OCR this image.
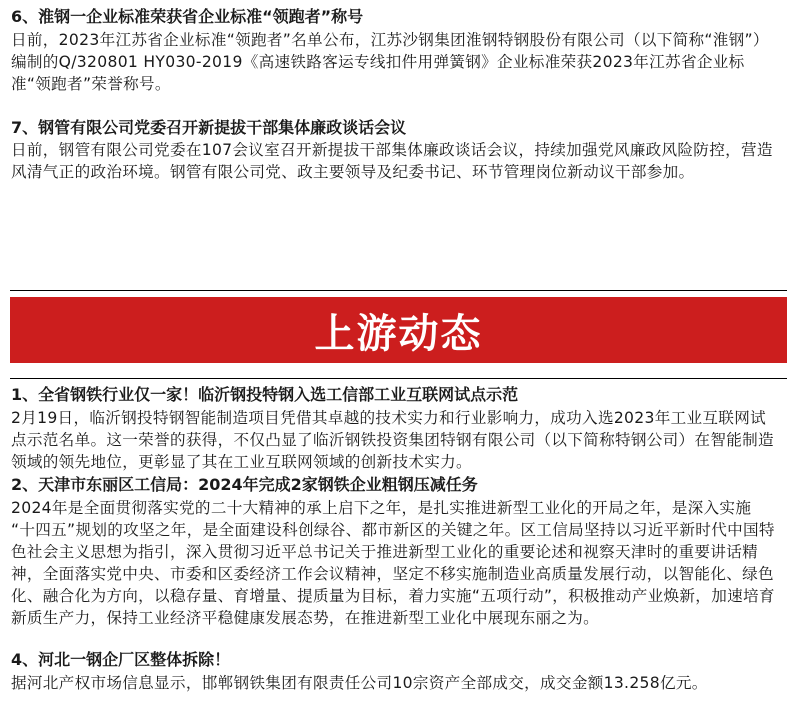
6、淮钢一企业标准荣获省企业标准“领跑者”称号

日前，2023年江苏省企业标准“领跑者”名单公布，江苏沙钢集团淮钢特钢股份有限公司（以下简称“淮钢”）编制的Q/320801 HY030-2019《高速铁路客运专线扣件用弹簧钢》企业标准荣获2023年江苏省企业标准“领跑者”荣誉称号。

7、钢管有限公司党委召开新提拔干部集体廉政谈话会议

日前，钢管有限公司党委在107会议室召开新提拔干部集体廉政谈话会议，持续加强党风廉政风险防控，营造风清气正的政治环境。钢管有限公司党、政主要领导及纪委书记、环节管理岗位新动议干部参加。

上游动态
1、全省钢铁行业仅一家！临沂钢投特钢入选工信部工业互联网试点示范

2月19日，临沂钢投特钢智能制造项目凭借其卓越的技术实力和行业影响力，成功入选2023年工业互联网试点示范名单。这一荣誉的获得，不仅凸显了临沂钢铁投资集团特钢有限公司（以下简称特钢公司）在智能制造领域的领先地位，更彰显了其在工业互联网领域的创新技术实力。

2、天津市东丽区工信局：2024年完成2家钢铁企业粗钢压减任务

2024年是全面贯彻落实党的二十大精神的承上启下之年，是扎实推进新型工业化的开局之年，是深入实施 “十四五”规划的攻坚之年，是全面建设科创绿谷、都市新区的关键之年。区工信局坚持以习近平新时代中国特色社会主义思想为指引，深入贯彻习近平总书记关于推进新型工业化的重要论述和视察天津时的重要讲话精神，全面落实党中央、市委和区委经济工作会议精神，坚定不移实施制造业高质量发展行动，以智能化、绿色化、融合化为方向，以稳存量、育增量、提质量为目标，着力实施“五项行动”，积极推动产业焕新，加速培育新质生产力，保持工业经济平稳健康发展态势，在推进新型工业化中展现东丽之为。

4、河北一钢企厂区整体拆除！

据河北产权市场信息显示，邯郸钢铁集团有限责任公司10宗资产全部成交，成交金额13.258亿元。
